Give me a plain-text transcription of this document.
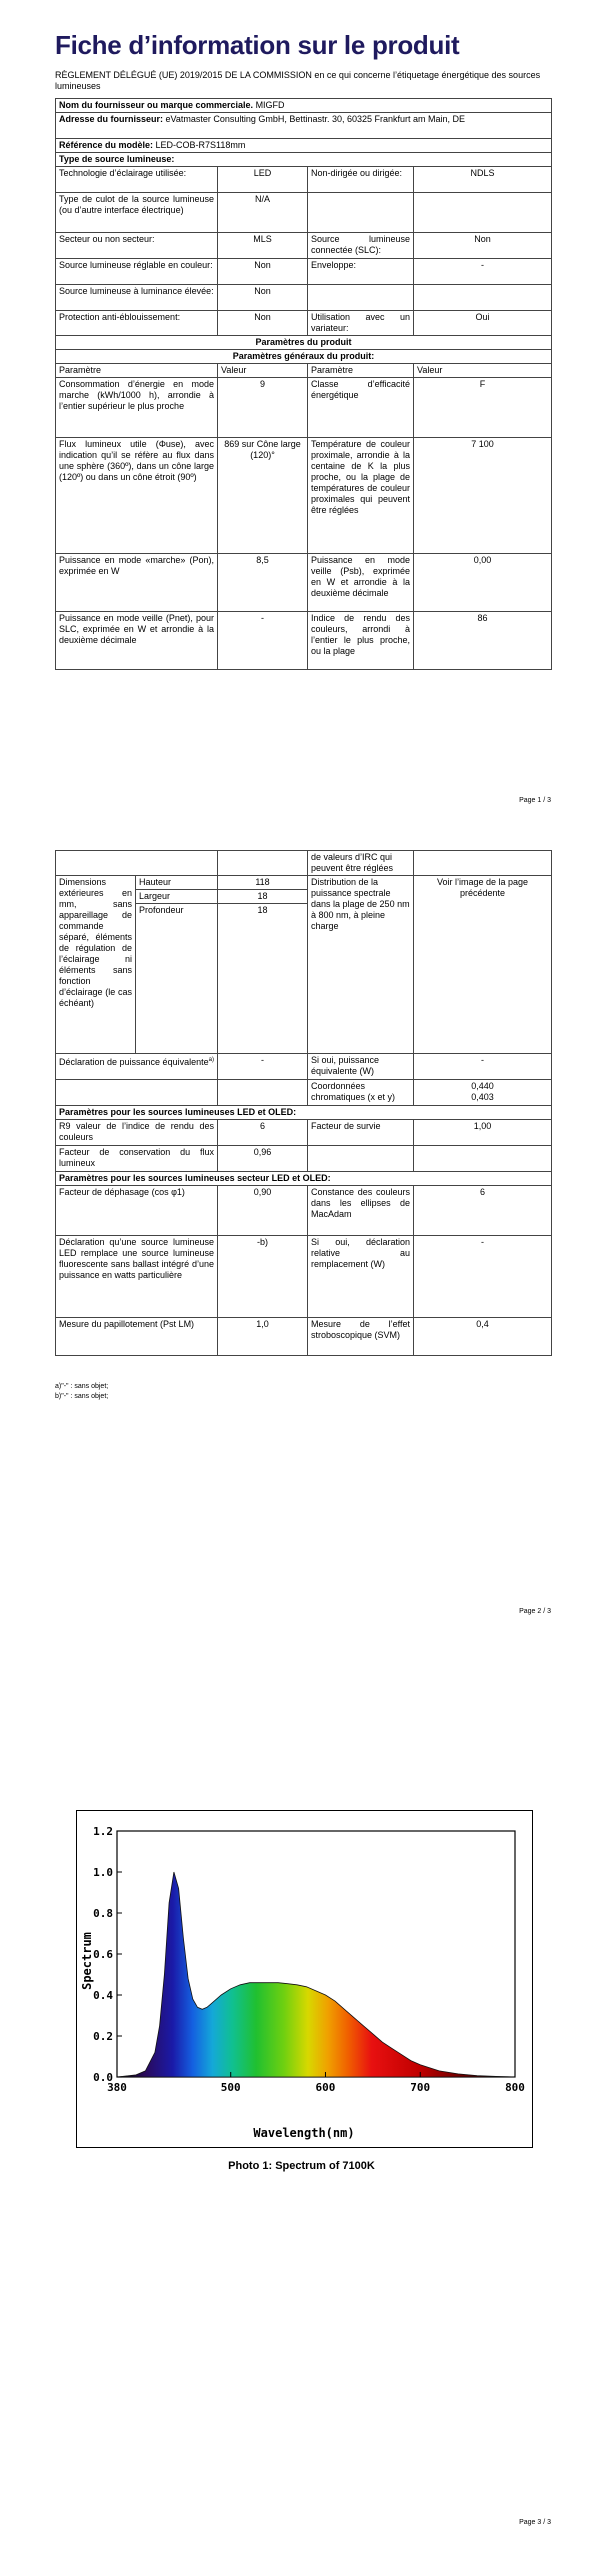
Fiche d’information sur le produit
RÈGLEMENT DÉLÉGUÉ (UE) 2019/2015 DE LA COMMISSION en ce qui concerne l’étiquetage énergétique des sources lumineuses
Nom du fournisseur ou marque commerciale. MIGFD			
Adresse du fournisseur: eVatmaster Consulting GmbH, Bettinastr. 30, 60325 Frankfurt am Main, DE			
Référence du modèle: LED-COB-R7S118mm			
Type de source lumineuse:			
Technologie d’éclairage utilisée:	LED	Non-dirigée ou dirigée:	NDLS
Type de culot de la source lumineuse (ou d’autre interface électrique)	N/A		
Secteur ou non secteur:	MLS	Source lumineuse connectée (SLC):	Non
Source lumineuse réglable en couleur:	Non	Enveloppe:	-
Source lumineuse à luminance élevée:	Non		
Protection anti-éblouissement:	Non	Utilisation avec un variateur:	Oui
Paramètres du produit			
Paramètres généraux du produit:			
Paramètre	Valeur	Paramètre	Valeur
Consommation d’énergie en mode marche (kWh/1000 h), arrondie à l’entier supérieur le plus proche	9	Classe d’efficacité énergétique	F
Flux lumineux utile (Φuse), avec indication qu’il se réfère au flux dans une sphère (360º), dans un cône large (120º) ou dans un cône étroit (90º)	869 sur Cône large (120)°	Température de couleur proximale, arrondie à la centaine de K la plus proche, ou la plage de températures de couleur proximales qui peuvent être réglées	7 100
Puissance en mode «marche» (Pon), exprimée en W	8,5	Puissance en mode veille (Psb), exprimée en W et arrondie à la deuxième décimale	0,00
Puissance en mode veille (Pnet), pour SLC, exprimée en W et arrondie à la deuxième décimale	-	Indice de rendu des couleurs, arrondi à l’entier le plus proche, ou la plage	86
Page 1 / 3
			de valeurs d’IRC qui peuvent être réglées	
Dimensions extérieures en mm, sans appareillage de commande séparé, éléments de régulation de l’éclairage ni éléments sans fonction d’éclairage (le cas échéant)	Hauteur	118	Distribution de la puissance spectrale dans la plage de 250 nm à 800 nm, à pleine charge	Voir l’image de la page précédente
	Largeur	18		
	Profondeur	18		
Déclaration de puissance équivalente$^{a)}$		-	Si oui, puissance équivalente (W)	-
			Coordonnées chromatiques (x et y)	0,440
0,403

Paramètres pour les sources lumineuses LED et OLED:				
R9 valeur de l’indice de rendu des couleurs		6	Facteur de survie	1,00
Facteur de conservation du flux lumineux		0,96		
Paramètres pour les sources lumineuses secteur LED et OLED:				
Facteur de déphasage (cos φ1)		0,90	Constance des couleurs dans les ellipses de MacAdam	6
Déclaration qu’une source lumineuse LED remplace une source lumineuse fluorescente sans ballast intégré d’une puissance en watts particulière		-b)	Si oui, déclaration relative au remplacement (W)	-
Mesure du papillotement (Pst LM)		1,0	Mesure de l’effet stroboscopique (SVM)	0,4
a)"-" : sans objet;
b)"-" : sans objet;
Page 2 / 3
380	500	600	700	800
0.0
0.2
0.4
0.6
0.8
1.0
1.2
Wavelength(nm)
Spectrum
Photo 1: Spectrum of 7100K
Page 3 / 3
